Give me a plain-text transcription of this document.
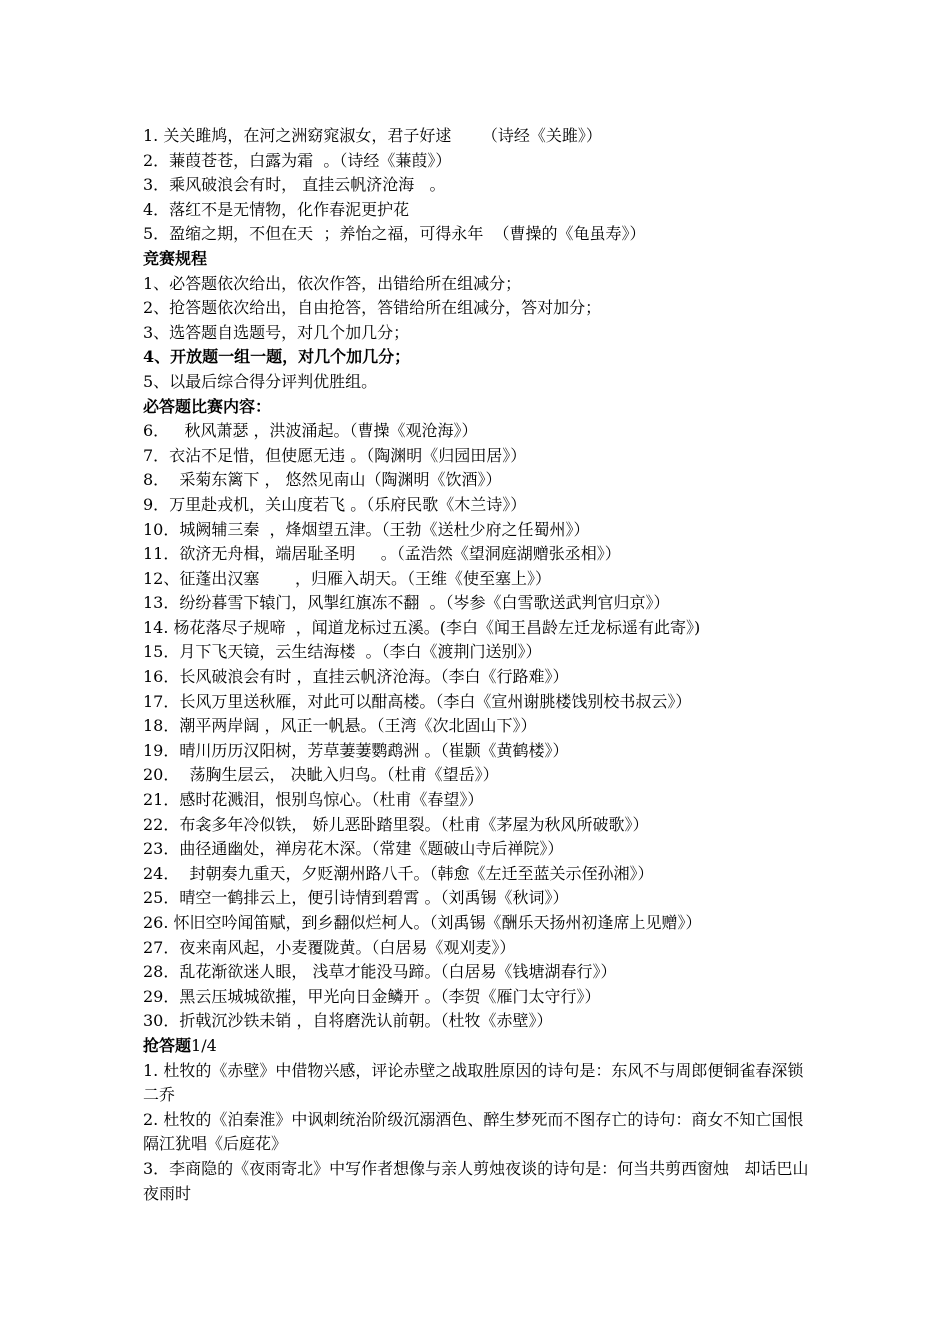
1. 关关雎鸠，在河之洲窈窕淑女，君子好逑      （诗经《关雎》）

2．蒹葭苍苍，白露为霜  。（诗经《蒹葭》）

3．乘风破浪会有时， 直挂云帆济沧海   。

4．落红不是无情物，化作春泥更护花

5．盈缩之期，不但在天  ；养怡之福，可得永年  （曹操的《龟虽寿》）

竞赛规程

1、必答题依次给出，依次作答，出错给所在组减分；

2、抢答题依次给出，自由抢答，答错给所在组减分，答对加分；

3、选答题自选题号，对几个加几分；

4、开放题一组一题，对几个加几分；

5、以最后综合得分评判优胜组。

必答题比赛内容：

6．   秋风萧瑟 ，洪波涌起。（曹操《观沧海》）

7．衣沾不足惜，但使愿无违 。（陶渊明《归园田居》）

8．  采菊东篱下 ， 悠然见南山（陶渊明《饮酒》）

9．万里赴戎机，关山度若飞 。（乐府民歌《木兰诗》）

10．城阙辅三秦  ，烽烟望五津。（王勃《送杜少府之任蜀州》）

11．欲济无舟楫，端居耻圣明     。（孟浩然《望洞庭湖赠张丞相》）

12、征蓬出汉塞       ，归雁入胡天。（王维《使至塞上》）

13．纷纷暮雪下辕门，风掣红旗冻不翻  。（岑参《白雪歌送武判官归京》）

14. 杨花落尽子规啼  ，闻道龙标过五溪。(李白《闻王昌龄左迁龙标遥有此寄》)

15．月下飞天镜，云生结海楼  。（李白《渡荆门送别》）

16．长风破浪会有时 ，直挂云帆济沧海。（李白《行路难》）

17．长风万里送秋雁，对此可以酣高楼。（李白《宣州谢朓楼饯别校书叔云》）

18．潮平两岸阔 ，风正一帆悬。（王湾《次北固山下》）

19．晴川历历汉阳树，芳草萋萋鹦鹉洲 。（崔颢《黄鹤楼》）

20．  荡胸生层云， 决眦入归鸟。（杜甫《望岳》）

21．感时花溅泪，恨别鸟惊心。（杜甫《春望》）

22．布衾多年冷似铁， 娇儿恶卧踏里裂。（杜甫《茅屋为秋风所破歌》）

23．曲径通幽处，禅房花木深。（常建《题破山寺后禅院》）

24．  封朝奏九重天，夕贬潮州路八千。（韩愈《左迁至蓝关示侄孙湘》）

25．晴空一鹤排云上，便引诗情到碧霄 。（刘禹锡《秋词》）

26. 怀旧空吟闻笛赋，到乡翻似烂柯人。（刘禹锡《酬乐天扬州初逢席上见赠》）

27．夜来南风起，小麦覆陇黄。（白居易《观刈麦》）

28．乱花渐欲迷人眼， 浅草才能没马蹄。（白居易《钱塘湖春行》）

29．黑云压城城欲摧，甲光向日金鳞开 。（李贺《雁门太守行》）

30．折戟沉沙铁未销 ，自将磨洗认前朝。（杜牧《赤壁》）

抢答题1/4

1. 杜牧的《赤壁》中借物兴感，评论赤壁之战取胜原因的诗句是：东风不与周郎便铜雀春深锁二乔

2. 杜牧的《泊秦淮》中讽刺统治阶级沉溺酒色、醉生梦死而不图存亡的诗句：商女不知亡国恨   隔江犹唱《后庭花》

3．李商隐的《夜雨寄北》中写作者想像与亲人剪烛夜谈的诗句是：何当共剪西窗烛   却话巴山夜雨时
